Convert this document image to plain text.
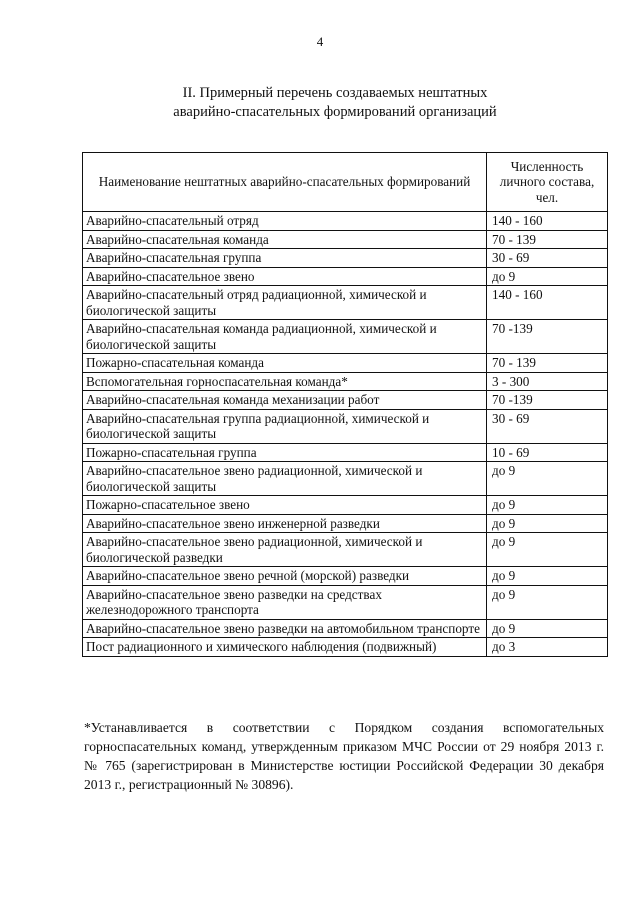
4
II. Примерный перечень создаваемых нештатных
аварийно-спасательных формирований организаций
Наименование нештатных аварийно-спасательных формирований	Численность личного состава, чел.
Аварийно-спасательный отряд	140 - 160
Аварийно-спасательная команда	70 - 139
Аварийно-спасательная группа	30 - 69
Аварийно-спасательное звено	до 9
Аварийно-спасательный отряд радиационной, химической и биологической защиты	140 - 160
Аварийно-спасательная команда радиационной, химической и биологической защиты	70 -139
Пожарно-спасательная команда	70 - 139
Вспомогательная горноспасательная команда*	3 - 300
Аварийно-спасательная команда механизации работ	70 -139
Аварийно-спасательная группа радиационной, химической и биологической защиты	30 - 69
Пожарно-спасательная группа	10 - 69
Аварийно-спасательное звено радиационной, химической и биологической защиты	до 9
Пожарно-спасательное звено	до 9
Аварийно-спасательное звено инженерной разведки	до 9
Аварийно-спасательное звено радиационной, химической и биологической разведки	до 9
Аварийно-спасательное звено речной (морской) разведки	до 9
Аварийно-спасательное звено разведки на средствах железнодорожного транспорта	до 9
Аварийно-спасательное звено разведки на автомобильном транспорте	до 9
Пост радиационного и химического наблюдения (подвижный)	до 3

*Устанавливается в соответствии с Порядком создания вспомогательных горноспасательных команд, утвержденным приказом МЧС России от 29 ноября 2013 г. № 765 (зарегистрирован в Министерстве юстиции Российской Федерации 30 декабря 2013 г., регистрационный № 30896).
